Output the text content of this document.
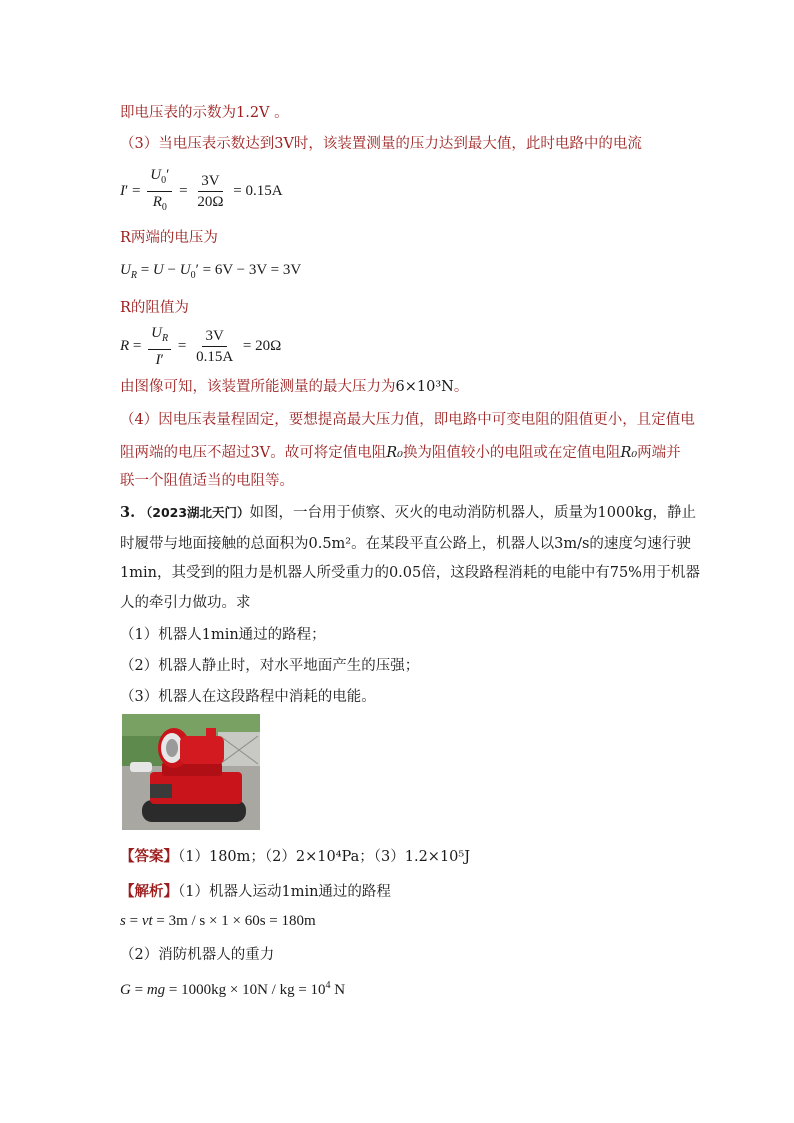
即电压表的示数为1.2V 。
（3）当电压表示数达到3V时，该装置测量的压力达到最大值，此时电路中的电流
$I' = \frac{U_0'}{R_0} = \frac{3V}{20\Omega} = 0.15A$
R两端的电压为
$U_R = U - U_0' = 6V - 3V = 3V$
R的阻值为
$R = \frac{U_R}{I'} = \frac{3V}{0.15A} = 20\Omega$
由图像可知，该装置所能测量的最大压力为6×10³N。
（4）因电压表量程固定，要想提高最大压力值，即电路中可变电阻的阻值更小，且定值电
阻两端的电压不超过3V。故可将定值电阻R₀换为阻值较小的电阻或在定值电阻R₀两端并
联一个阻值适当的电阻等。
3. （2023湖北天门）如图，一台用于侦察、灭火的电动消防机器人，质量为1000kg，静止
时履带与地面接触的总面积为0.5m²。在某段平直公路上，机器人以3m/s的速度匀速行驶
1min，其受到的阻力是机器人所受重力的0.05倍，这段路程消耗的电能中有75%用于机器
人的牵引力做功。求
（1）机器人1min通过的路程；
（2）机器人静止时，对水平地面产生的压强；
（3）机器人在这段路程中消耗的电能。
【答案】（1）180m；（2）2×10⁴Pa；（3）1.2×10⁵J
【解析】（1）机器人运动1min通过的路程
s = vt = 3m / s × 1 × 60s = 180m
（2）消防机器人的重力
G = mg = 1000kg × 10N / kg = $10^4$ N
